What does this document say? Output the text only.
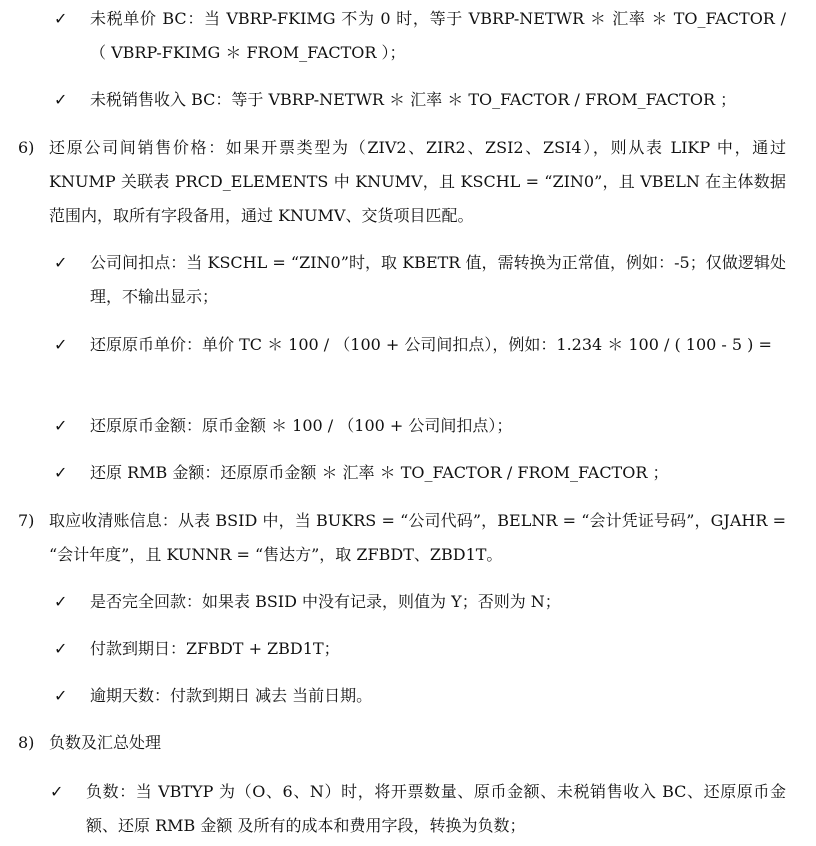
✓ 未税单价 BC：当 VBRP-FKIMG 不为 0 时，等于 VBRP-NETWR ＊ 汇率 ＊ TO_FACTOR / （ VBRP-FKIMG ＊ FROM_FACTOR ）；
✓ 未税销售收入 BC：等于 VBRP-NETWR ＊ 汇率 ＊ TO_FACTOR / FROM_FACTOR ；
6) 还原公司间销售价格：如果开票类型为（ZIV2、ZIR2、ZSI2、ZSI4），则从表 LIKP 中，通过 KNUMP 关联表 PRCD_ELEMENTS 中 KNUMV，且 KSCHL = “ZIN0”，且 VBELN 在主体数据范围内，取所有字段备用，通过 KNUMV、交货项目匹配。
✓ 公司间扣点：当 KSCHL = “ZIN0”时，取 KBETR 值，需转换为正常值，例如：-5；仅做逻辑处理，不输出显示；
✓ 还原原币单价：单价 TC ＊ 100 / （100 + 公司间扣点），例如：1.234 ＊ 100 / ( 100 - 5 ) =
✓ 还原原币金额：原币金额 ＊ 100 / （100 + 公司间扣点）；
✓ 还原 RMB 金额：还原原币金额 ＊ 汇率 ＊ TO_FACTOR / FROM_FACTOR ；
7) 取应收清账信息：从表 BSID 中，当 BUKRS = “公司代码”，BELNR = “会计凭证号码”，GJAHR = “会计年度”，且 KUNNR = “售达方”，取 ZFBDT、ZBD1T。
✓ 是否完全回款：如果表 BSID 中没有记录，则值为 Y；否则为 N；
✓ 付款到期日：ZFBDT + ZBD1T；
✓ 逾期天数：付款到期日 减去 当前日期。
8) 负数及汇总处理
✓ 负数：当 VBTYP 为（O、6、N）时，将开票数量、原币金额、未税销售收入 BC、还原原币金额、还原 RMB 金额 及所有的成本和费用字段，转换为负数；
